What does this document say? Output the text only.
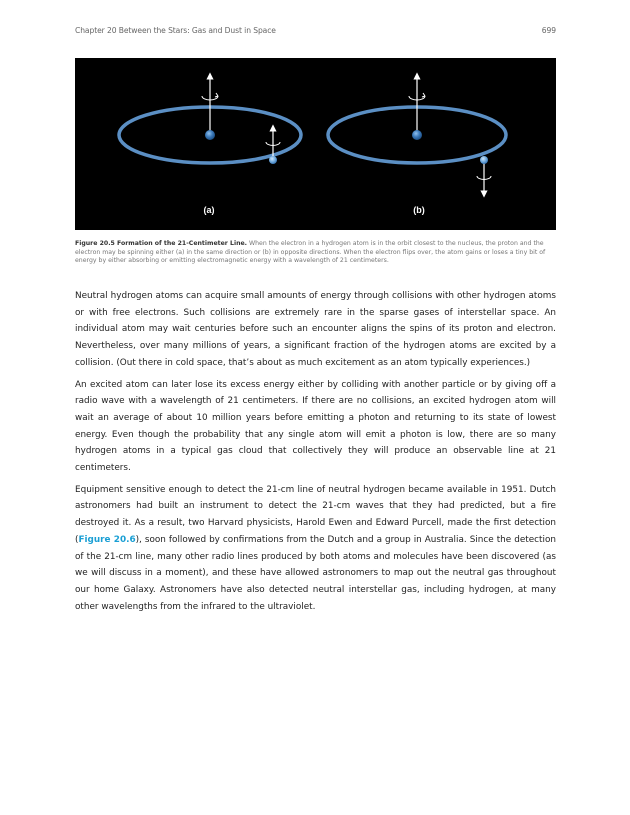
Chapter 20 Between the Stars: Gas and Dust in Space	699
(a)	(b)
Figure 20.5 Formation of the 21-Centimeter Line. When the electron in a hydrogen atom is in the orbit closest to the nucleus, the proton and the electron may be spinning either (a) in the same direction or (b) in opposite directions. When the electron flips over, the atom gains or loses a tiny bit of energy by either absorbing or emitting electromagnetic energy with a wavelength of 21 centimeters.

Neutral hydrogen atoms can acquire small amounts of energy through collisions with other hydrogen atoms or with free electrons. Such collisions are extremely rare in the sparse gases of interstellar space. An individual atom may wait centuries before such an encounter aligns the spins of its proton and electron. Nevertheless, over many millions of years, a significant fraction of the hydrogen atoms are excited by a collision. (Out there in cold space, that’s about as much excitement as an atom typically experiences.)

An excited atom can later lose its excess energy either by colliding with another particle or by giving off a radio wave with a wavelength of 21 centimeters. If there are no collisions, an excited hydrogen atom will wait an average of about 10 million years before emitting a photon and returning to its state of lowest energy. Even though the probability that any single atom will emit a photon is low, there are so many hydrogen atoms in a typical gas cloud that collectively they will produce an observable line at 21 centimeters.

Equipment sensitive enough to detect the 21-cm line of neutral hydrogen became available in 1951. Dutch astronomers had built an instrument to detect the 21-cm waves that they had predicted, but a fire destroyed it. As a result, two Harvard physicists, Harold Ewen and Edward Purcell, made the first detection (Figure 20.6), soon followed by confirmations from the Dutch and a group in Australia. Since the detection of the 21-cm line, many other radio lines produced by both atoms and molecules have been discovered (as we will discuss in a moment), and these have allowed astronomers to map out the neutral gas throughout our home Galaxy. Astronomers have also detected neutral interstellar gas, including hydrogen, at many other wavelengths from the infrared to the ultraviolet.
